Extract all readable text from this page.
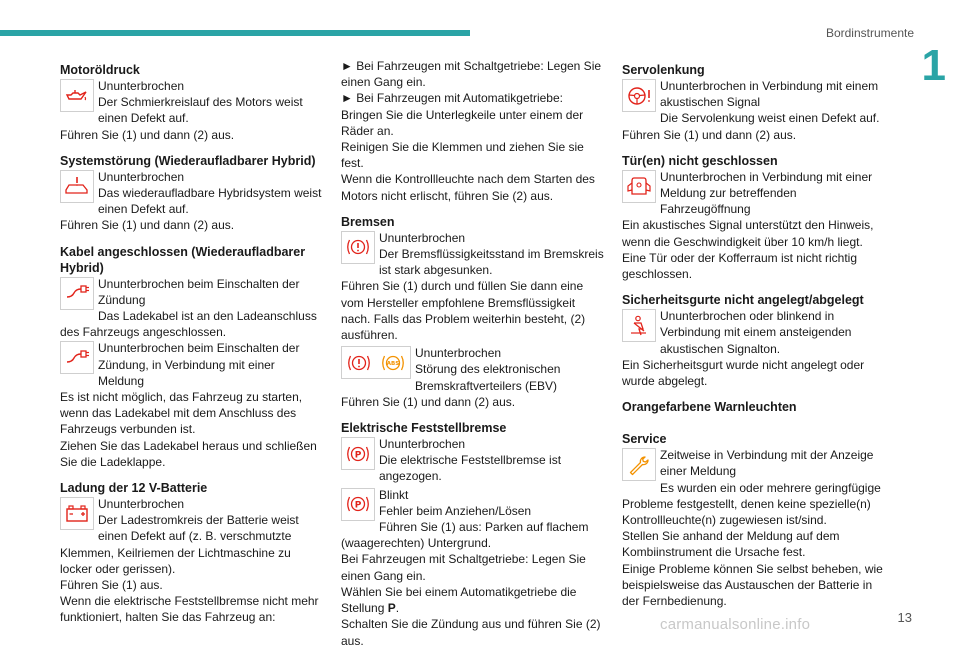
Bordinstrumente
1
Motoröldruck

Ununterbrochen

Der Schmierkreislauf des Motors weist einen Defekt auf.

Führen Sie (1) und dann (2) aus.

Systemstörung (Wiederaufladbarer Hybrid)

Ununterbrochen

Das wiederaufladbare Hybridsystem weist einen Defekt auf.

Führen Sie (1) und dann (2) aus.

Kabel angeschlossen (Wiederaufladbarer Hybrid)

Ununterbrochen beim Einschalten der Zündung

Das Ladekabel ist an den Ladeanschluss des Fahrzeugs angeschlossen.

Ununterbrochen beim Einschalten der Zündung, in Verbindung mit einer Meldung

Es ist nicht möglich, das Fahrzeug zu starten, wenn das Ladekabel mit dem Anschluss des Fahrzeugs verbunden ist.

Ziehen Sie das Ladekabel heraus und schließen Sie die Ladeklappe.

Ladung der 12 V-Batterie

Ununterbrochen

Der Ladestromkreis der Batterie weist einen Defekt auf (z. B. verschmutzte Klemmen, Keilriemen der Lichtmaschine zu locker oder gerissen).

Führen Sie (1) aus.

Wenn die elektrische Feststellbremse nicht mehr funktioniert, halten Sie das Fahrzeug an:

► Bei Fahrzeugen mit Schaltgetriebe: Legen Sie einen Gang ein.

► Bei Fahrzeugen mit Automatikgetriebe: Bringen Sie die Unterlegkeile unter einem der Räder an.

Reinigen Sie die Klemmen und ziehen Sie sie fest.

Wenn die Kontrollleuchte nach dem Starten des Motors nicht erlischt, führen Sie (2) aus.

Bremsen

Ununterbrochen

Der Bremsflüssigkeitsstand im Bremskreis ist stark abgesunken.

Führen Sie (1) durch und füllen Sie dann eine vom Hersteller empfohlene Bremsflüssigkeit nach. Falls das Problem weiterhin besteht, (2) ausführen.

ABS

Ununterbrochen

Störung des elektronischen Bremskraftverteilers (EBV)

Führen Sie (1) und dann (2) aus.

Elektrische Feststellbremse
P

Ununterbrochen

Die elektrische Feststellbremse ist angezogen.

P

Blinkt

Fehler beim Anziehen/Lösen

Führen Sie (1) aus: Parken auf flachem (waagerechten) Untergrund.

Bei Fahrzeugen mit Schaltgetriebe: Legen Sie einen Gang ein.

Wählen Sie bei einem Automatikgetriebe die Stellung P.

Schalten Sie die Zündung aus und führen Sie (2) aus.

Servolenkung

Ununterbrochen in Verbindung mit einem akustischen Signal

Die Servolenkung weist einen Defekt auf.

Führen Sie (1) und dann (2) aus.

Tür(en) nicht geschlossen

Ununterbrochen in Verbindung mit einer Meldung zur betreffenden Fahrzeugöffnung

Ein akustisches Signal unterstützt den Hinweis, wenn die Geschwindigkeit über 10 km/h liegt.

Eine Tür oder der Kofferraum ist nicht richtig geschlossen.

Sicherheitsgurte nicht angelegt/abgelegt

Ununterbrochen oder blinkend in Verbindung mit einem ansteigenden akustischen Signalton.

Ein Sicherheitsgurt wurde nicht angelegt oder wurde abgelegt.

Orangefarbene Warnleuchten
Service

Zeitweise in Verbindung mit der Anzeige einer Meldung

Es wurden ein oder mehrere geringfügige Probleme festgestellt, denen keine spezielle(n) Kontrollleuchte(n) zugewiesen ist/sind.

Stellen Sie anhand der Meldung auf dem Kombiinstrument die Ursache fest.

Einige Probleme können Sie selbst beheben, wie beispielsweise das Austauschen der Batterie in der Fernbedienung.

carmanualsonline.info	13
